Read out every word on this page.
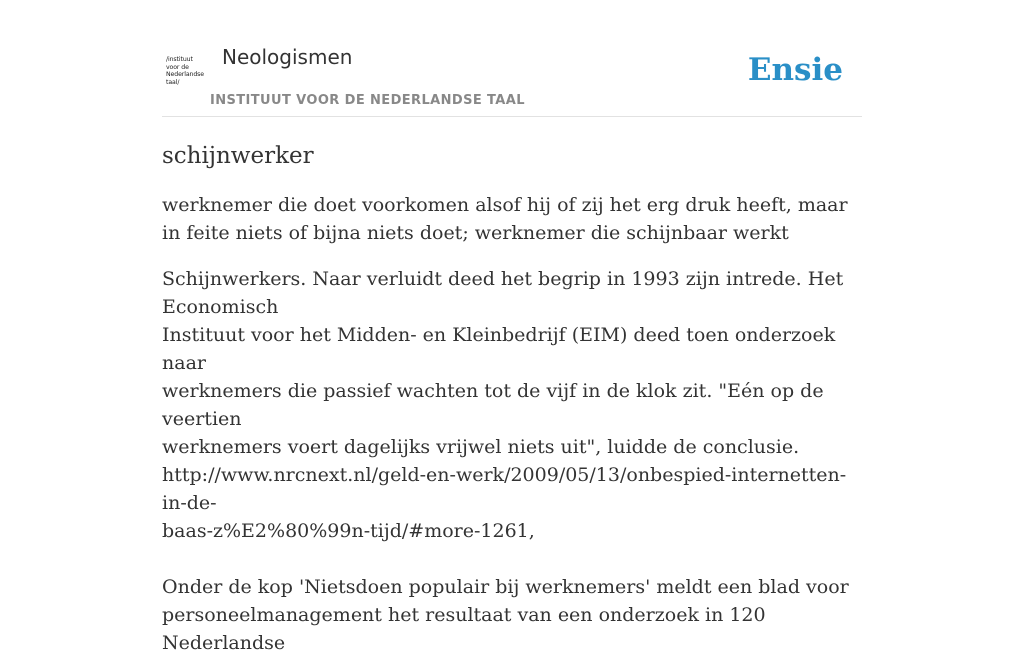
/instituut
voor de
Nederlandse
taal/
Neologismen
INSTITUUT VOOR DE NEDERLANDSE TAAL
Ensie
schijnwerker

werknemer die doet voorkomen alsof hij of zij het erg druk heeft, maar in feite niets of bijna niets doet; werknemer die schijnbaar werkt

Schijnwerkers. Naar verluidt deed het begrip in 1993 zijn intrede. Het Economisch
Instituut voor het Midden- en Kleinbedrijf (EIM) deed toen onderzoek naar
werknemers die passief wachten tot de vijf in de klok zit. "Eén op de veertien
werknemers voert dagelijks vrijwel niets uit", luidde de conclusie.
http://www.nrcnext.nl/geld-en-werk/2009/05/13/onbespied-internetten-in-de-
baas-z%E2%80%99n-tijd/#more-1261,

Onder de kop 'Nietsdoen populair bij werknemers' meldt een blad voor
personeelmanagement het resultaat van een onderzoek in 120 Nederlandse
